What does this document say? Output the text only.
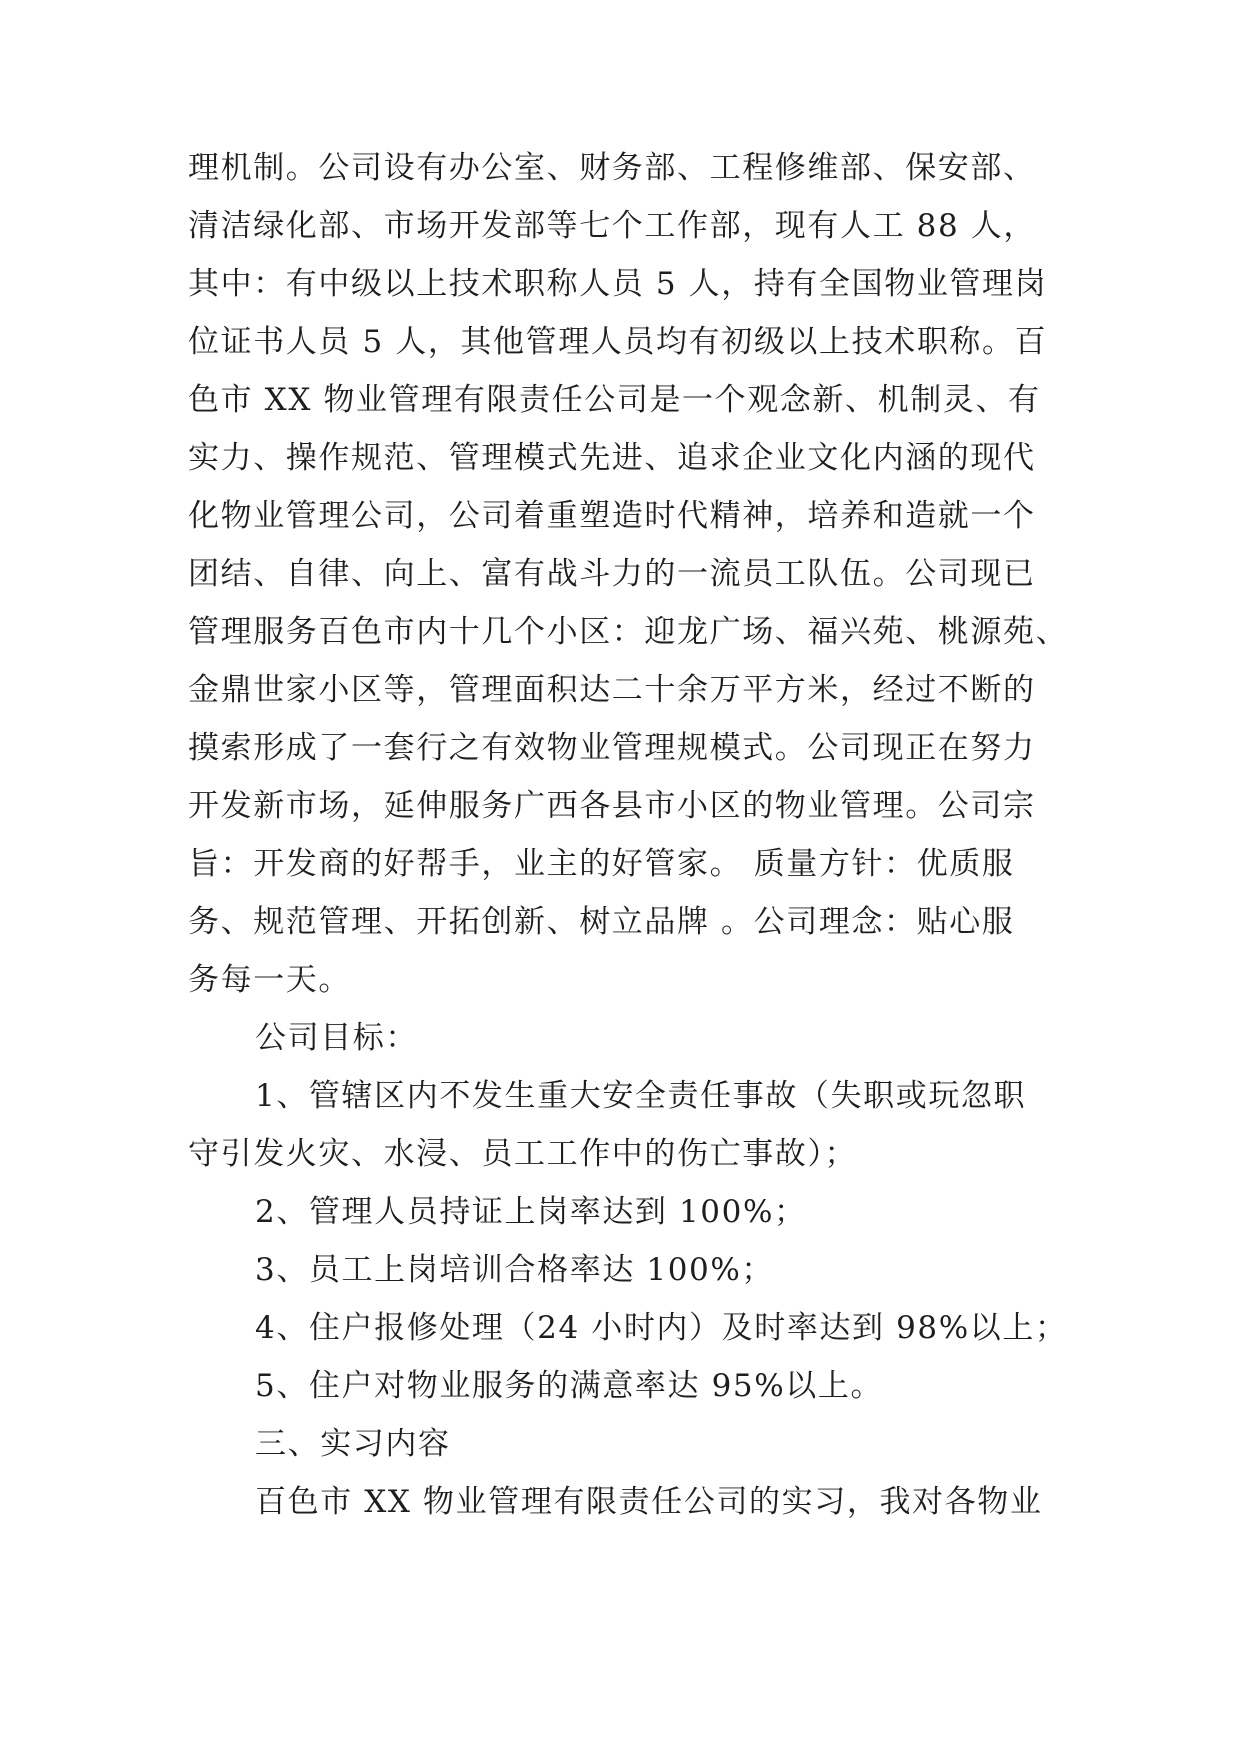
理机制。公司设有办公室、财务部、工程修维部、保安部、
清洁绿化部、市场开发部等七个工作部，现有人工 88 人，
其中：有中级以上技术职称人员 5 人，持有全国物业管理岗
位证书人员 5 人，其他管理人员均有初级以上技术职称。百
色市 XX 物业管理有限责任公司是一个观念新、机制灵、有
实力、操作规范、管理模式先进、追求企业文化内涵的现代
化物业管理公司，公司着重塑造时代精神，培养和造就一个
团结、自律、向上、富有战斗力的一流员工队伍。公司现已
管理服务百色市内十几个小区：迎龙广场、福兴苑、桃源苑、
金鼎世家小区等，管理面积达二十余万平方米，经过不断的
摸索形成了一套行之有效物业管理规模式。公司现正在努力
开发新市场，延伸服务广西各县市小区的物业管理。公司宗
旨：开发商的好帮手，业主的好管家。 质量方针：优质服
务、规范管理、开拓创新、树立品牌 。公司理念：贴心服
务每一天。
公司目标：
1、管辖区内不发生重大安全责任事故（失职或玩忽职
守引发火灾、水浸、员工工作中的伤亡事故）；
2、管理人员持证上岗率达到 100%；
3、员工上岗培训合格率达 100%；
4、住户报修处理（24 小时内）及时率达到 98%以上；
5、住户对物业服务的满意率达 95%以上。
三、实习内容
百色市 XX 物业管理有限责任公司的实习，我对各物业
